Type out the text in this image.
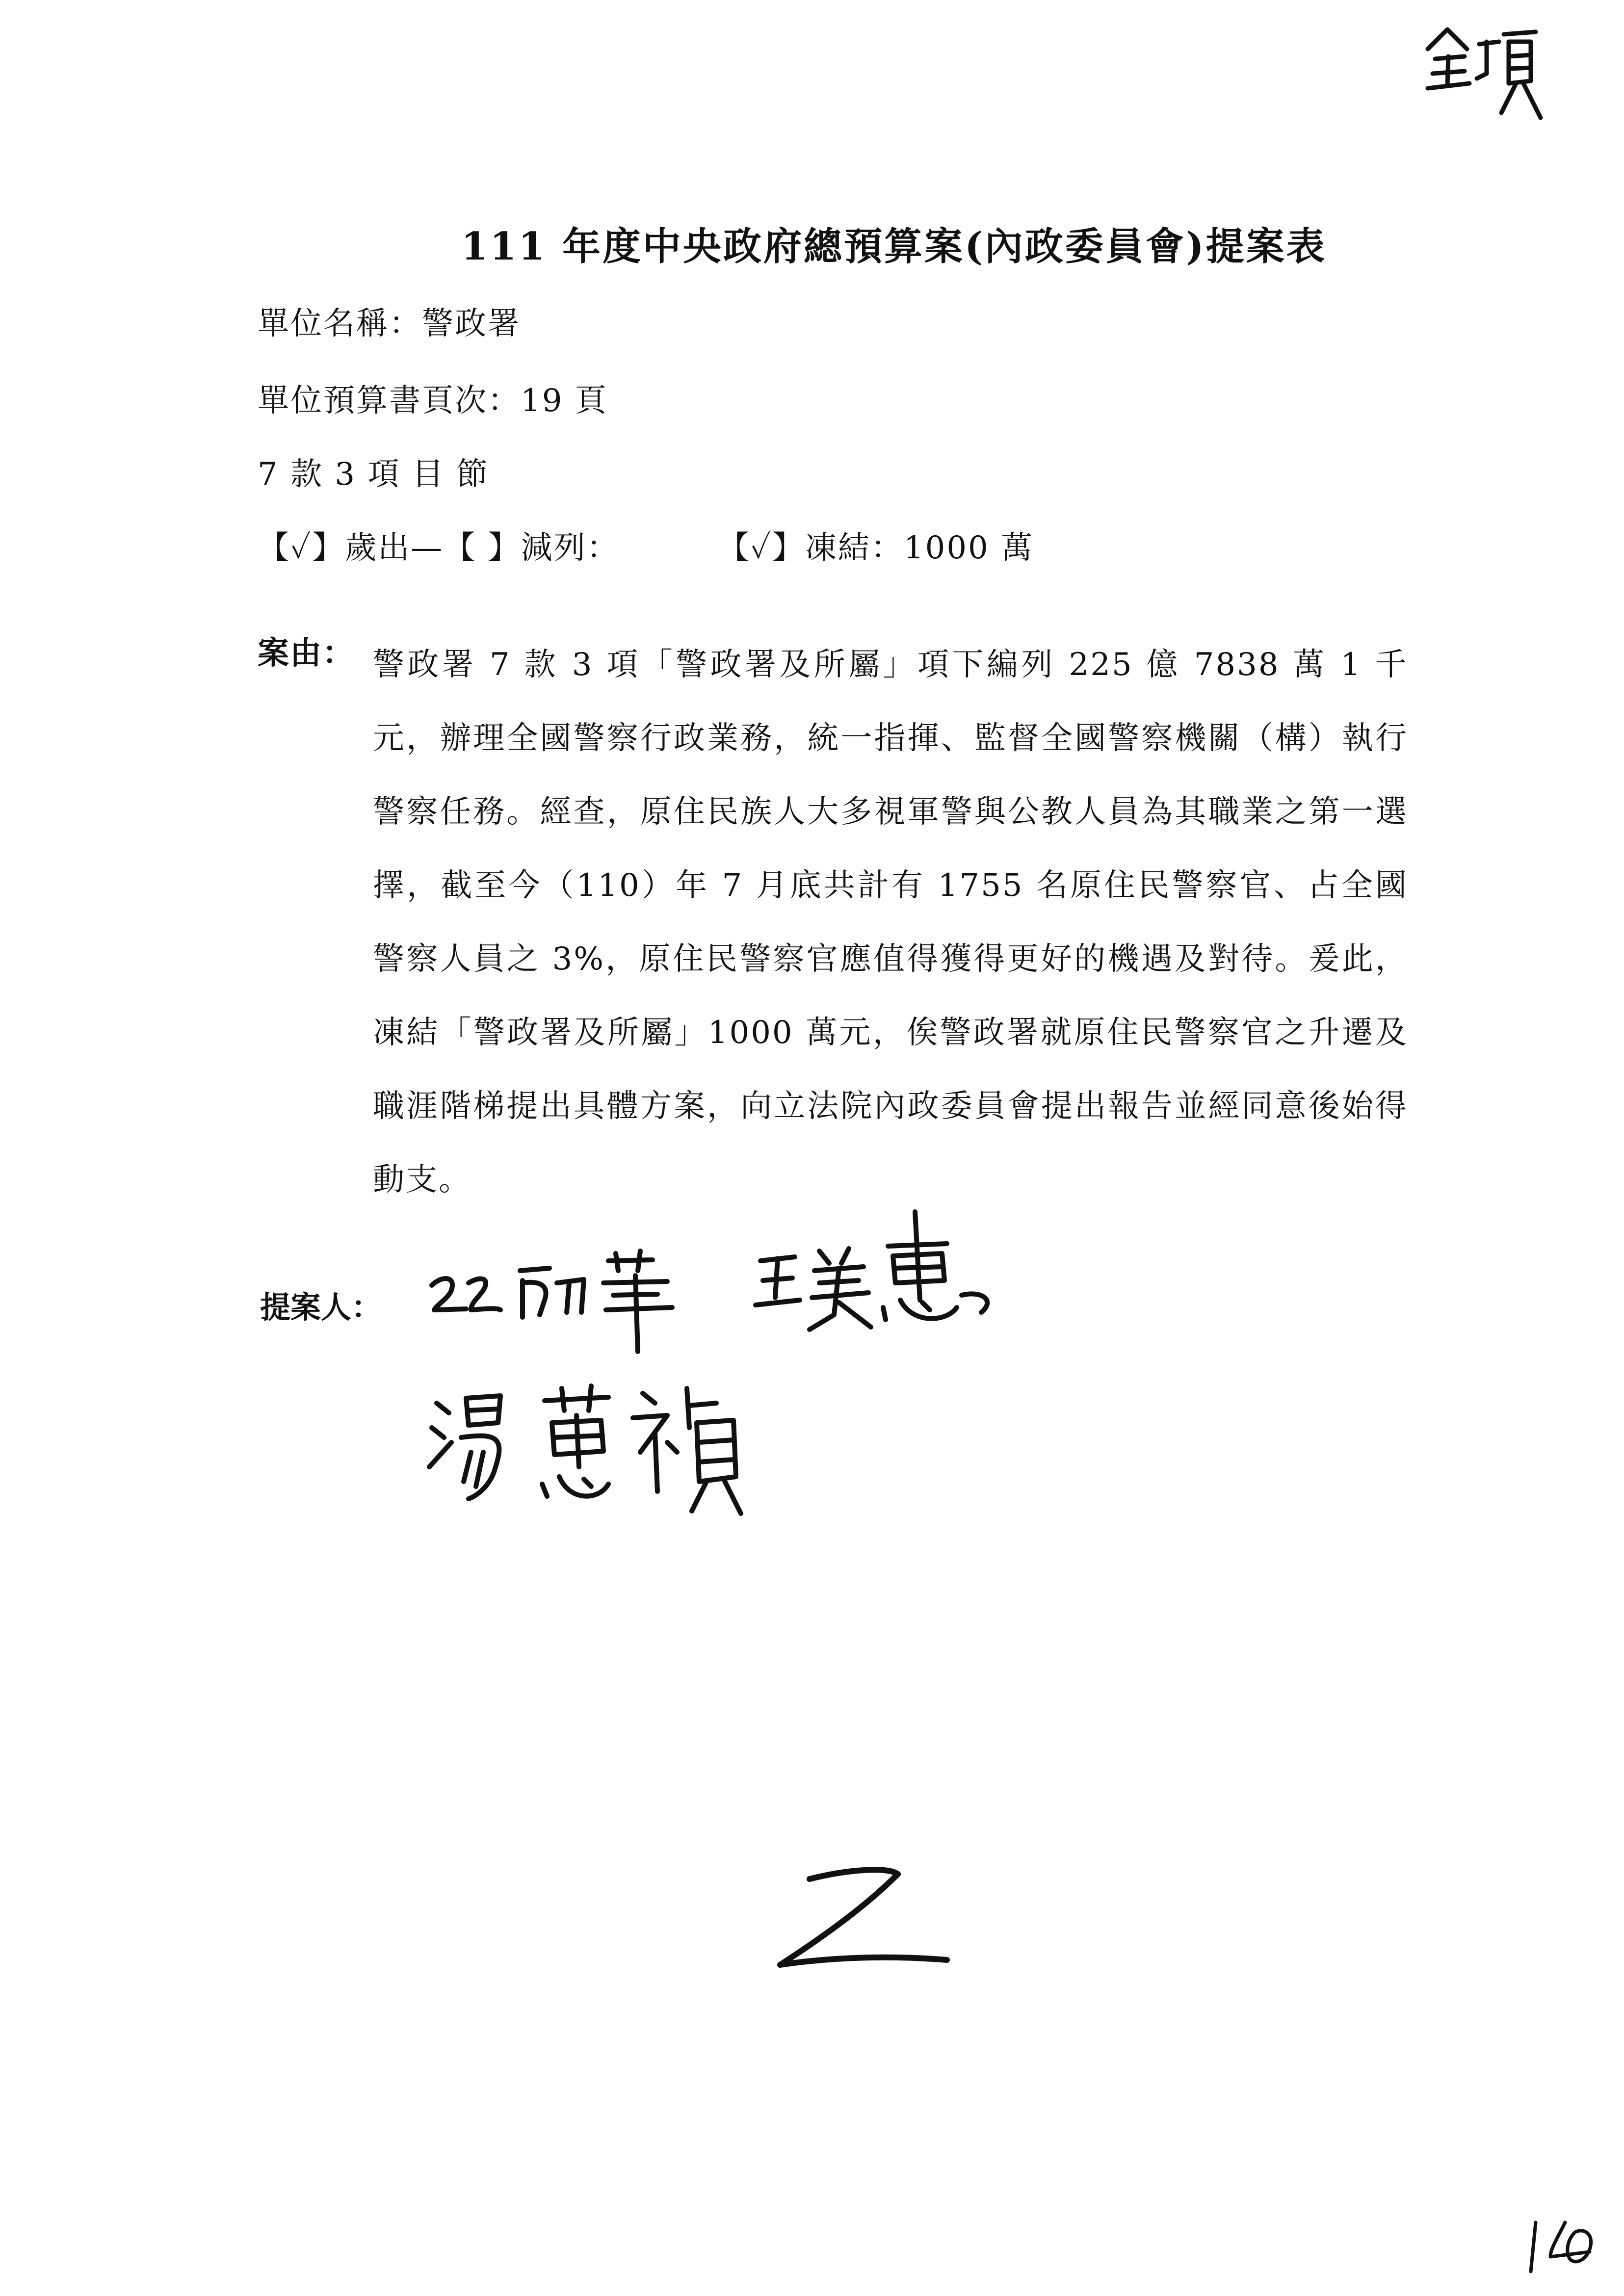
111 年度中央政府總預算案(內政委員會)提案表
單位名稱：警政署
單位預算書頁次：19 頁
7 款 3 項 目 節
【✓】歲出—【 】減列：	【✓】凍結：1000 萬
案由： 警政署 7 款 3 項「警政署及所屬」項下編列 225 億 7838 萬 1 千元，辦理全國警察行政業務，統一指揮、監督全國警察機關（構）執行警察任務。經查，原住民族人大多視軍警與公教人員為其職業之第一選擇，截至今（110）年 7 月底共計有 1755 名原住民警察官、占全國警察人員之 3%，原住民警察官應值得獲得更好的機遇及對待。爰此，凍結「警政署及所屬」1000 萬元，俟警政署就原住民警察官之升遷及職涯階梯提出具體方案，向立法院內政委員會提出報告並經同意後始得動支。

提案人：
